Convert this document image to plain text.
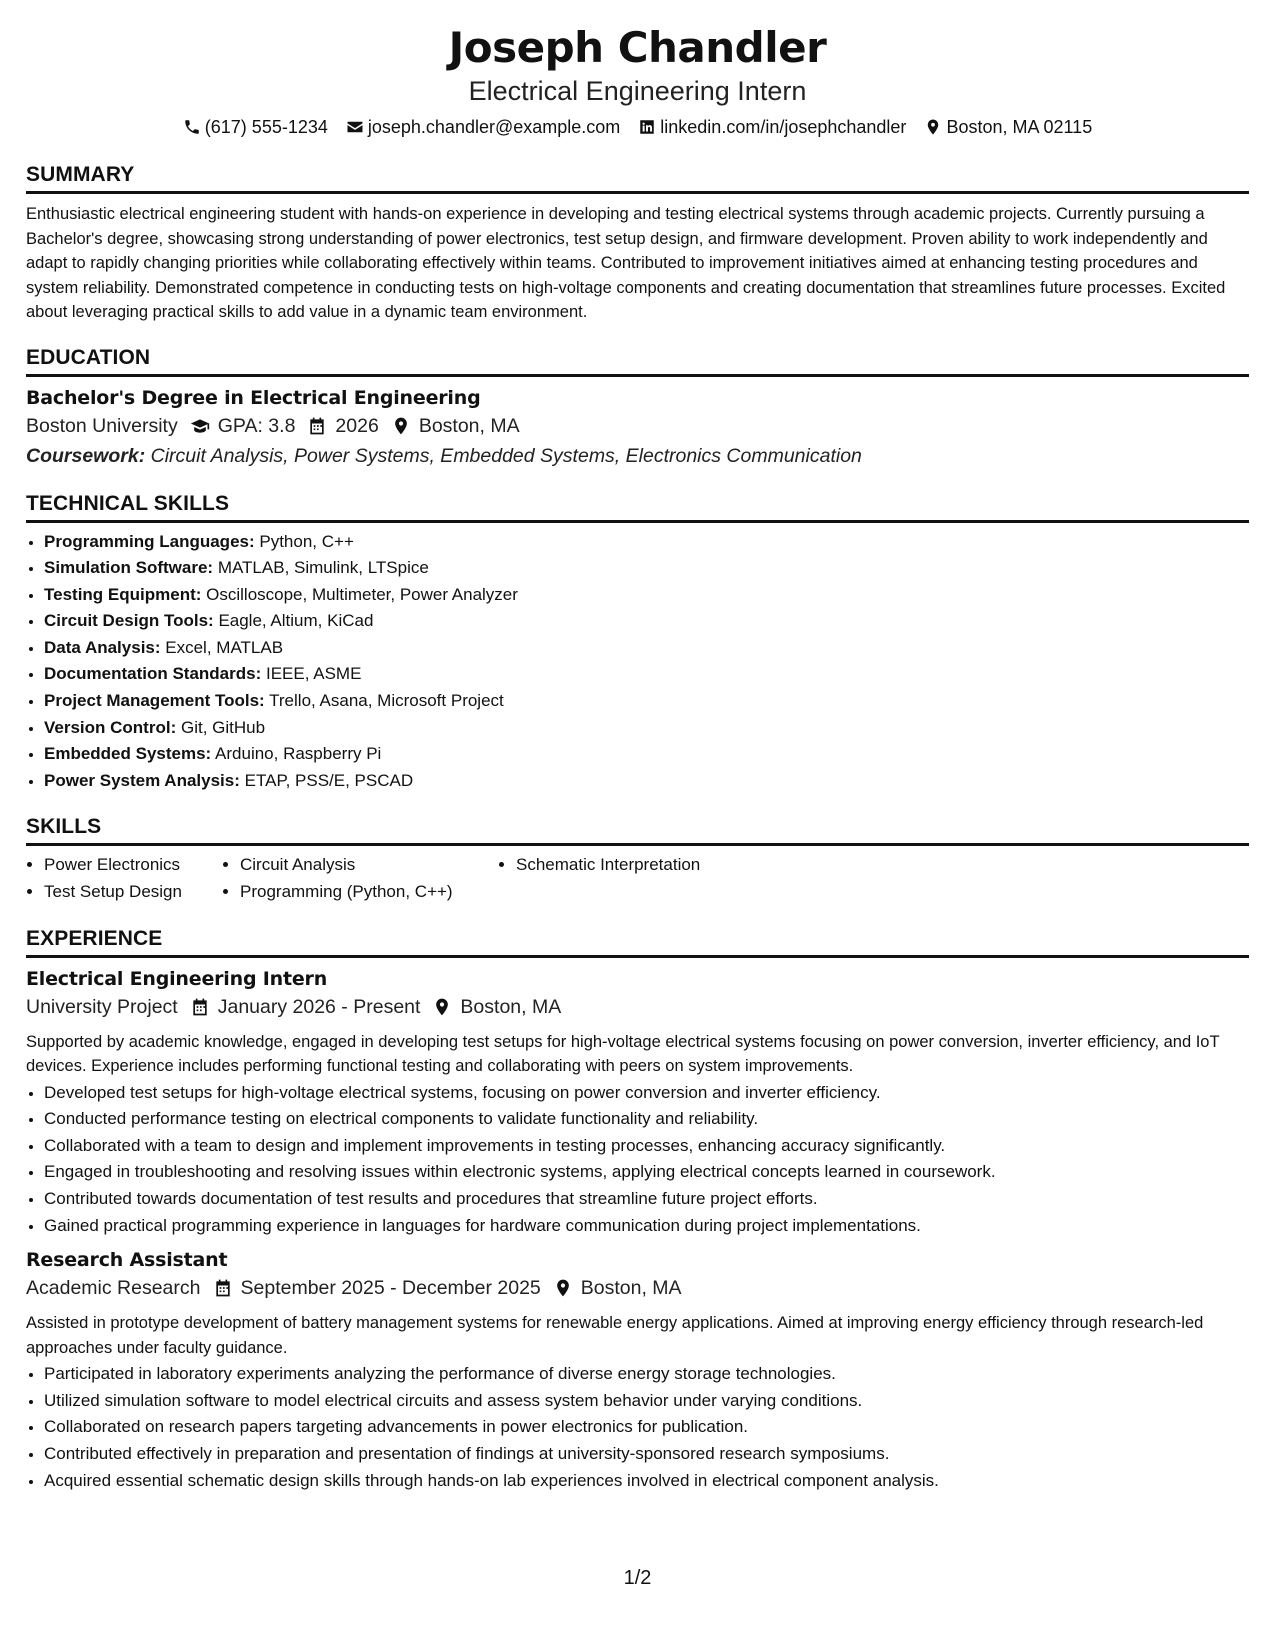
Joseph Chandler
Electrical Engineering Intern
(617) 555-1234 joseph.chandler@example.com linkedin.com/in/josephchandler Boston, MA 02115
SUMMARY

Enthusiastic electrical engineering student with hands-on experience in developing and testing electrical systems through academic projects. Currently pursuing a Bachelor's degree, showcasing strong understanding of power electronics, test setup design, and firmware development. Proven ability to work independently and adapt to rapidly changing priorities while collaborating effectively within teams. Contributed to improvement initiatives aimed at enhancing testing procedures and system reliability. Demonstrated competence in conducting tests on high-voltage components and creating documentation that streamlines future processes. Excited about leveraging practical skills to add value in a dynamic team environment.

EDUCATION
Bachelor's Degree in Electrical Engineering
Boston University GPA: 3.8 2026 Boston, MA
Coursework: Circuit Analysis, Power Systems, Embedded Systems, Electronics Communication
TECHNICAL SKILLS
• Programming Languages: Python, C++
• Simulation Software: MATLAB, Simulink, LTSpice
• Testing Equipment: Oscilloscope, Multimeter, Power Analyzer
• Circuit Design Tools: Eagle, Altium, KiCad
• Data Analysis: Excel, MATLAB
• Documentation Standards: IEEE, ASME
• Project Management Tools: Trello, Asana, Microsoft Project
• Version Control: Git, GitHub
• Embedded Systems: Arduino, Raspberry Pi
• Power System Analysis: ETAP, PSS/E, PSCAD
SKILLS
Power Electronics	Circuit Analysis	Schematic Interpretation
Test Setup Design	Programming (Python, C++)
EXPERIENCE
Electrical Engineering Intern
University Project January 2026 - Present Boston, MA

Supported by academic knowledge, engaged in developing test setups for high-voltage electrical systems focusing on power conversion, inverter efficiency, and IoT devices. Experience includes performing functional testing and collaborating with peers on system improvements.

• Developed test setups for high-voltage electrical systems, focusing on power conversion and inverter efficiency.
• Conducted performance testing on electrical components to validate functionality and reliability.
• Collaborated with a team to design and implement improvements in testing processes, enhancing accuracy significantly.
• Engaged in troubleshooting and resolving issues within electronic systems, applying electrical concepts learned in coursework.
• Contributed towards documentation of test results and procedures that streamline future project efforts.
• Gained practical programming experience in languages for hardware communication during project implementations.
Research Assistant
Academic Research September 2025 - December 2025 Boston, MA

Assisted in prototype development of battery management systems for renewable energy applications. Aimed at improving energy efficiency through research-led approaches under faculty guidance.

• Participated in laboratory experiments analyzing the performance of diverse energy storage technologies.
• Utilized simulation software to model electrical circuits and assess system behavior under varying conditions.
• Collaborated on research papers targeting advancements in power electronics for publication.
• Contributed effectively in preparation and presentation of findings at university-sponsored research symposiums.
• Acquired essential schematic design skills through hands-on lab experiences involved in electrical component analysis.
1/2
